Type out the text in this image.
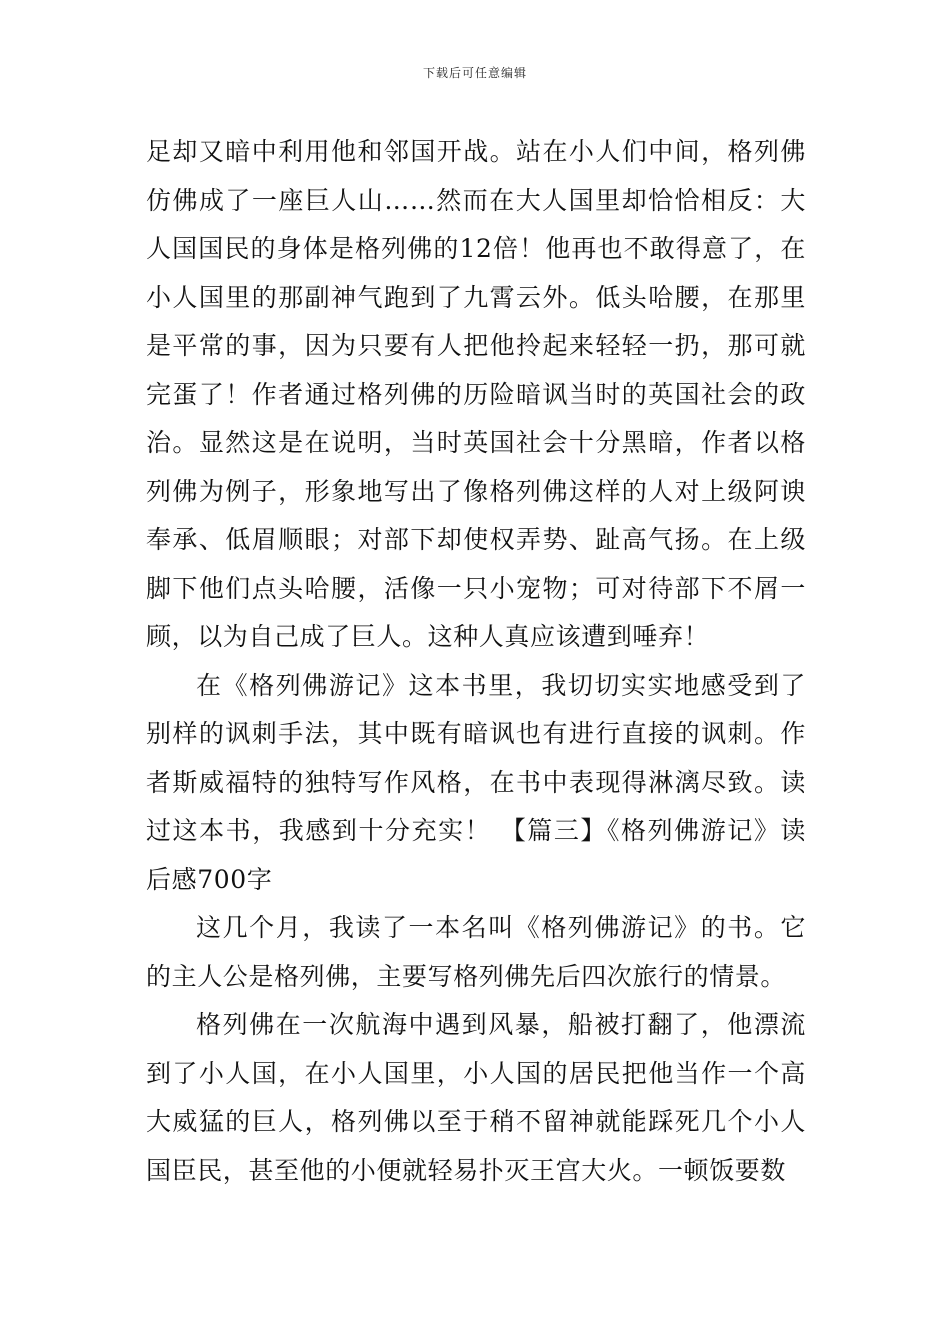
下载后可任意编辑

足却又暗中利用他和邻国开战。站在小人们中间，格列佛仿佛成了一座巨人山……然而在大人国里却恰恰相反：大人国国民的身体是格列佛的12倍！他再也不敢得意了，在小人国里的那副神气跑到了九霄云外。低头哈腰，在那里是平常的事，因为只要有人把他拎起来轻轻一扔，那可就完蛋了！作者通过格列佛的历险暗讽当时的英国社会的政治。显然这是在说明，当时英国社会十分黑暗，作者以格列佛为例子，形象地写出了像格列佛这样的人对上级阿谀奉承、低眉顺眼；对部下却使权弄势、趾高气扬。在上级脚下他们点头哈腰，活像一只小宠物；可对待部下不屑一顾，以为自己成了巨人。这种人真应该遭到唾弃！

在《格列佛游记》这本书里，我切切实实地感受到了别样的讽刺手法，其中既有暗讽也有进行直接的讽刺。作者斯威福特的独特写作风格，在书中表现得淋漓尽致。读过这本书，我感到十分充实！ 【篇三】《格列佛游记》读后感700字

这几个月，我读了一本名叫《格列佛游记》的书。它的主人公是格列佛，主要写格列佛先后四次旅行的情景。

格列佛在一次航海中遇到风暴，船被打翻了，他漂流到了小人国，在小人国里，小人国的居民把他当作一个高大威猛的巨人，格列佛以至于稍不留神就能踩死几个小人国臣民，甚至他的小便就轻易扑灭王宫大火。一顿饭要数
